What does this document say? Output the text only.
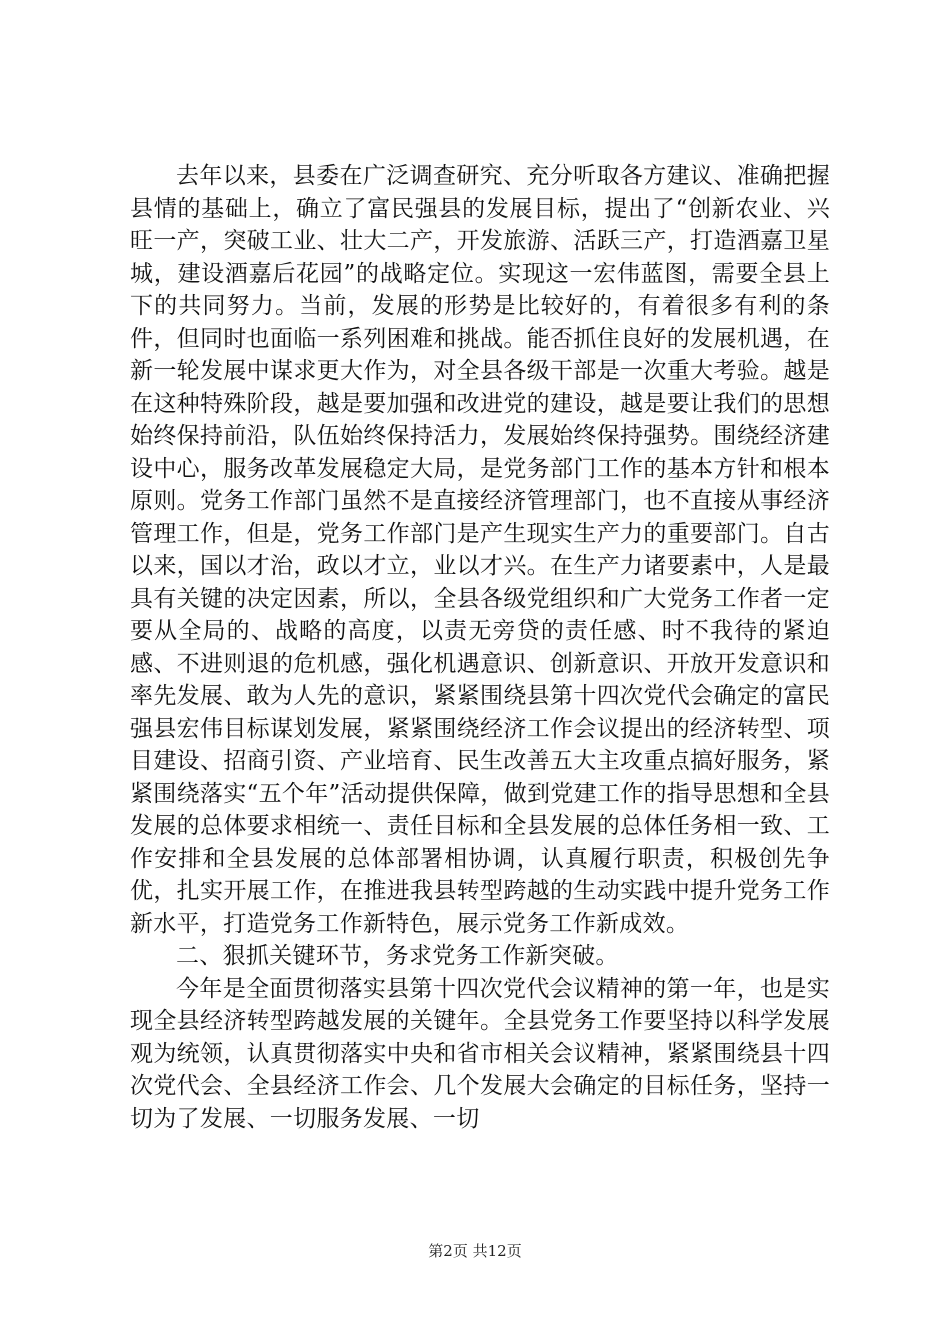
去年以来，县委在广泛调查研究、充分听取各方建议、准确把握县情的基础上，确立了富民强县的发展目标，提出了“创新农业、兴旺一产，突破工业、壮大二产，开发旅游、活跃三产，打造酒嘉卫星城，建设酒嘉后花园”的战略定位。实现这一宏伟蓝图，需要全县上下的共同努力。当前，发展的形势是比较好的，有着很多有利的条件，但同时也面临一系列困难和挑战。能否抓住良好的发展机遇，在新一轮发展中谋求更大作为，对全县各级干部是一次重大考验。越是在这种特殊阶段，越是要加强和改进党的建设，越是要让我们的思想始终保持前沿，队伍始终保持活力，发展始终保持强势。围绕经济建设中心，服务改革发展稳定大局，是党务部门工作的基本方针和根本原则。党务工作部门虽然不是直接经济管理部门，也不直接从事经济管理工作，但是，党务工作部门是产生现实生产力的重要部门。自古以来，国以才治，政以才立，业以才兴。在生产力诸要素中，人是最具有关键的决定因素，所以，全县各级党组织和广大党务工作者一定要从全局的、战略的高度，以责无旁贷的责任感、时不我待的紧迫感、不进则退的危机感，强化机遇意识、创新意识、开放开发意识和率先发展、敢为人先的意识，紧紧围绕县第十四次党代会确定的富民强县宏伟目标谋划发展，紧紧围绕经济工作会议提出的经济转型、项目建设、招商引资、产业培育、民生改善五大主攻重点搞好服务，紧紧围绕落实“五个年”活动提供保障，做到党建工作的指导思想和全县发展的总体要求相统一、责任目标和全县发展的总体任务相一致、工作安排和全县发展的总体部署相协调，认真履行职责，积极创先争优，扎实开展工作，在推进我县转型跨越的生动实践中提升党务工作新水平，打造党务工作新特色，展示党务工作新成效。

二、狠抓关键环节，务求党务工作新突破。

今年是全面贯彻落实县第十四次党代会议精神的第一年，也是实现全县经济转型跨越发展的关键年。全县党务工作要坚持以科学发展观为统领，认真贯彻落实中央和省市相关会议精神，紧紧围绕县十四次党代会、全县经济工作会、几个发展大会确定的目标任务，坚持一切为了发展、一切服务发展、一切

第2页 共12页
